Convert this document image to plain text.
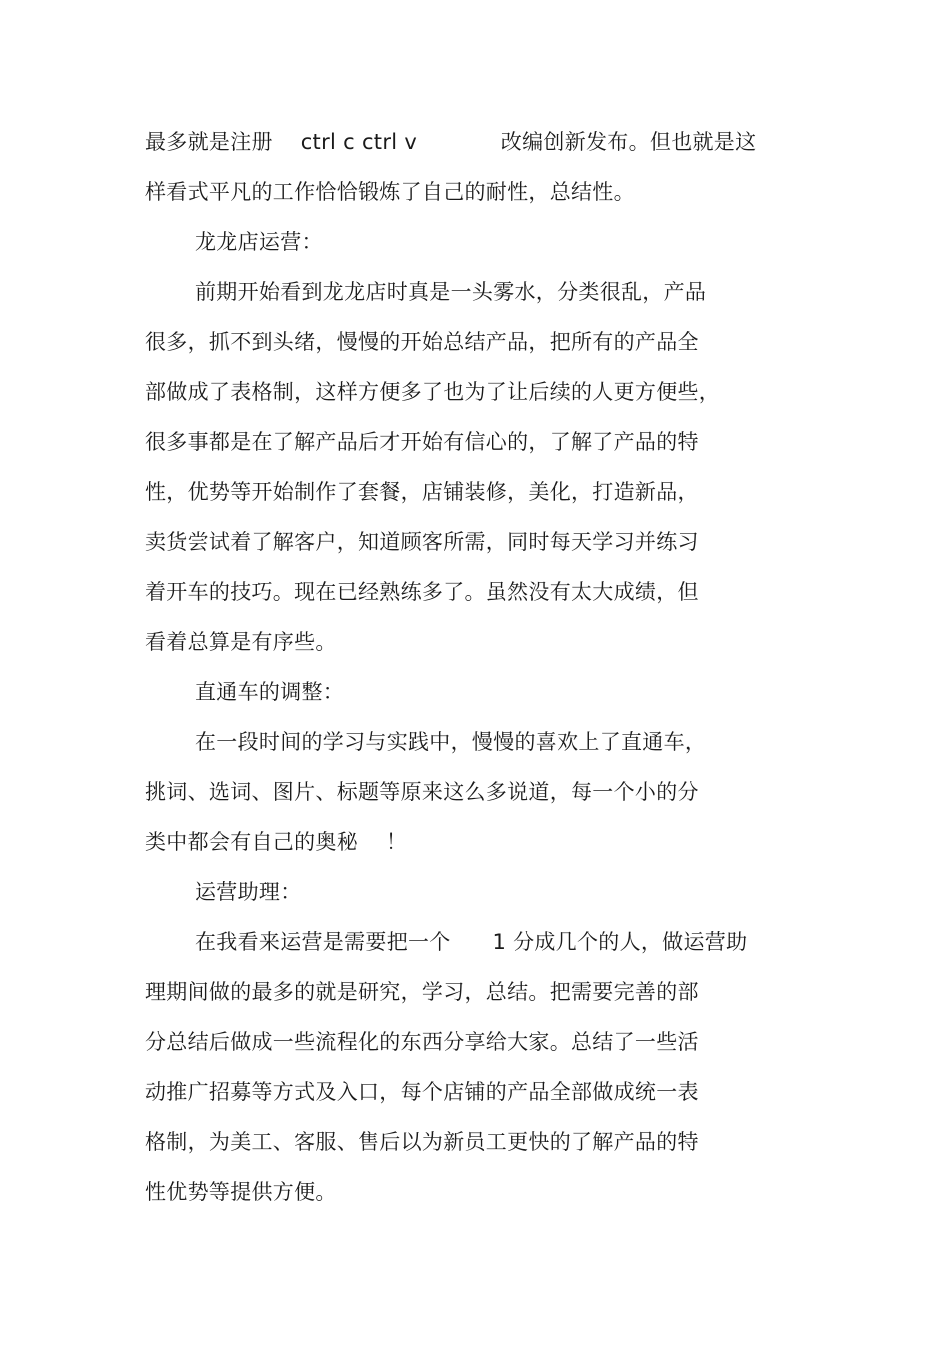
最多就是注册    ctrl c ctrl v            改编创新发布。但也就是这
样看式平凡的工作恰恰锻炼了自己的耐性，总结性。
龙龙店运营：
前期开始看到龙龙店时真是一头雾水，分类很乱，产品
很多，抓不到头绪，慢慢的开始总结产品，把所有的产品全
部做成了表格制，这样方便多了也为了让后续的人更方便些，
很多事都是在了解产品后才开始有信心的，了解了产品的特
性，优势等开始制作了套餐，店铺装修，美化，打造新品，
卖货尝试着了解客户，知道顾客所需，同时每天学习并练习
着开车的技巧。现在已经熟练多了。虽然没有太大成绩，但
看着总算是有序些。
直通车的调整：
在一段时间的学习与实践中，慢慢的喜欢上了直通车，
挑词、选词、图片、标题等原来这么多说道，每一个小的分
类中都会有自己的奥秘    ！
运营助理：
在我看来运营是需要把一个      1 分成几个的人，做运营助
理期间做的最多的就是研究，学习，总结。把需要完善的部
分总结后做成一些流程化的东西分享给大家。总结了一些活
动推广招募等方式及入口，每个店铺的产品全部做成统一表
格制，为美工、客服、售后以为新员工更快的了解产品的特
性优势等提供方便。
